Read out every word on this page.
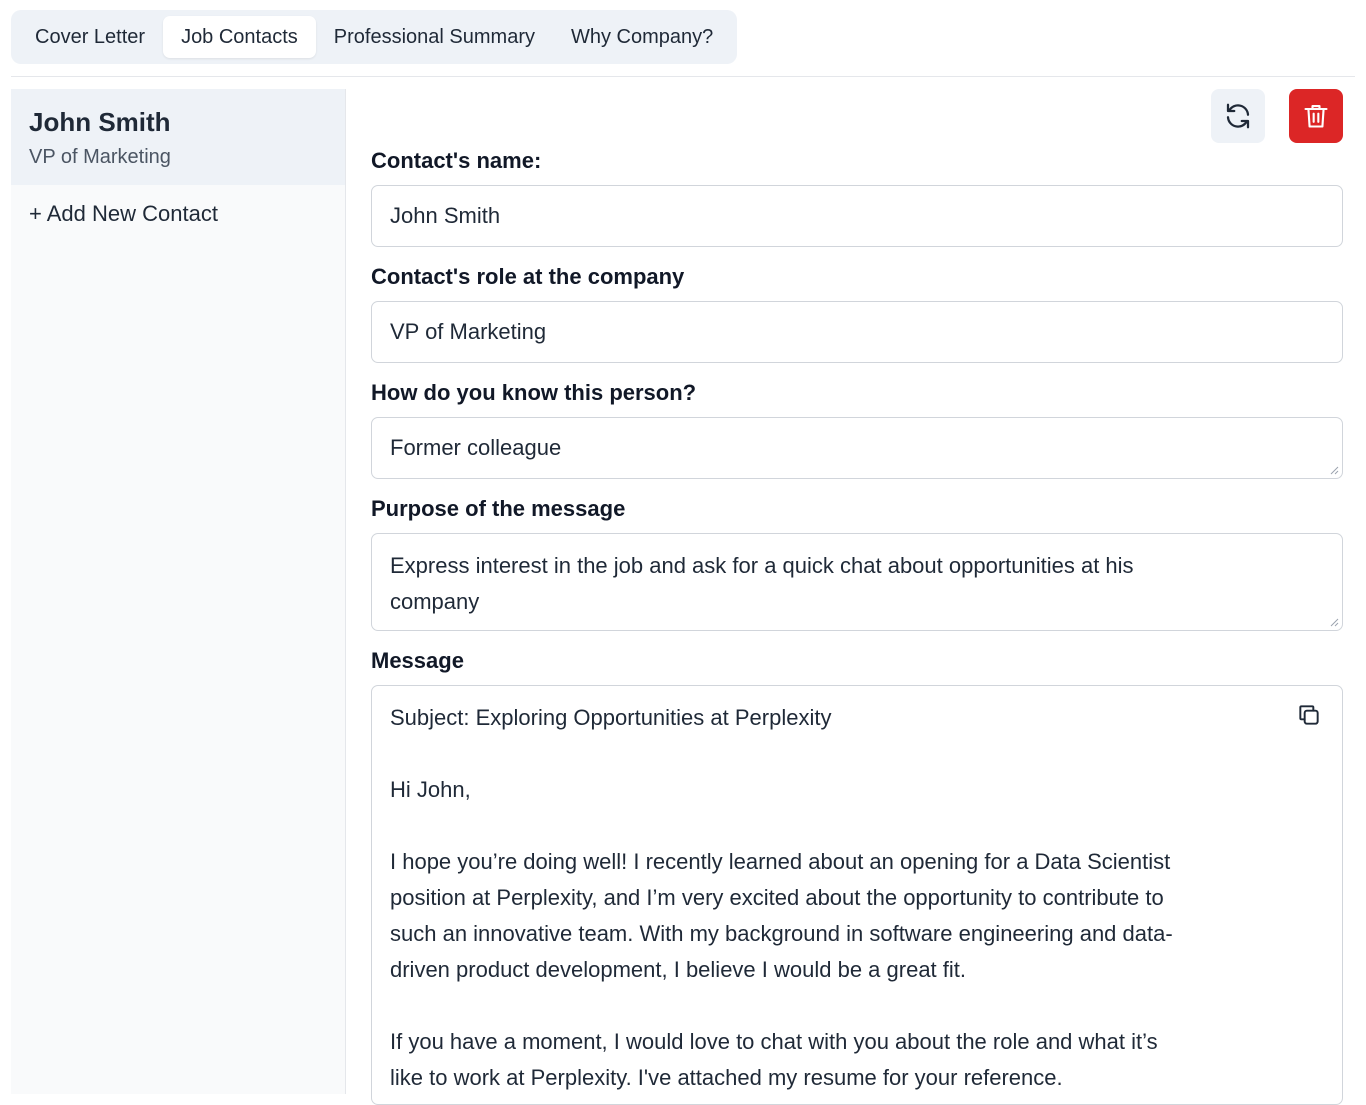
Cover Letter	Job Contacts	Professional Summary	Why Company?
John Smith
VP of Marketing
+ Add New Contact
Contact's name:
John Smith
Contact's role at the company
VP of Marketing
How do you know this person?
Former colleague
Purpose of the message
Express interest in the job and ask for a quick chat about opportunities at his
company
Message
Subject: Exploring Opportunities at Perplexity
Hi John,
I hope you’re doing well! I recently learned about an opening for a Data Scientist
position at Perplexity, and I’m very excited about the opportunity to contribute to
such an innovative team. With my background in software engineering and data-
driven product development, I believe I would be a great fit.
If you have a moment, I would love to chat with you about the role and what it’s
like to work at Perplexity. I've attached my resume for your reference.
